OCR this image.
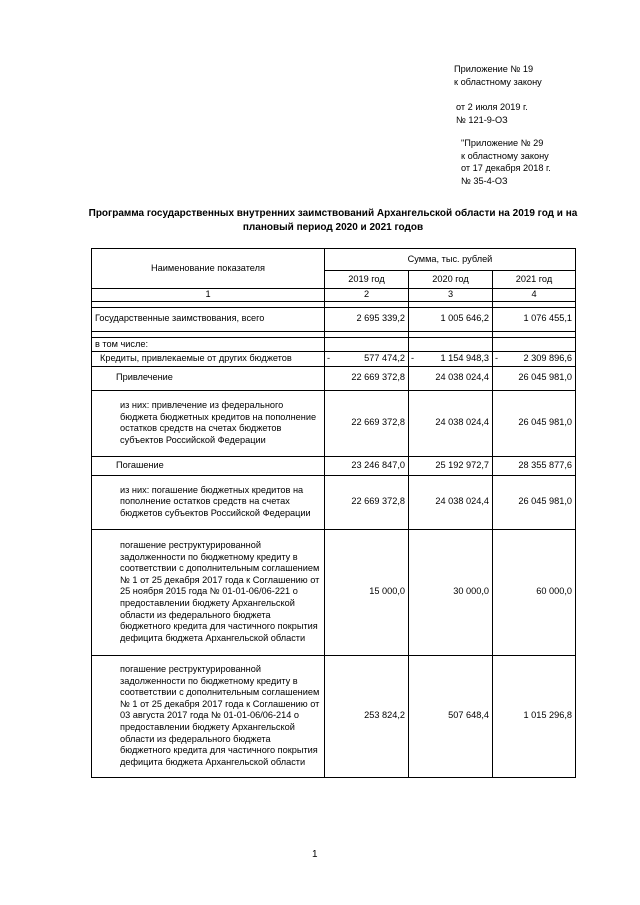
Приложение № 19
к областному закону
от 2 июля 2019 г.
№ 121-9-ОЗ
"Приложение № 29
к областному закону
от 17 декабря 2018 г.
№ 35-4-ОЗ
Программа государственных внутренних заимствований Архангельской области на 2019 год и на плановый период 2020 и 2021 годов
Наименование показателя	Сумма, тыс. рублей		
	2019 год	2020 год	2021 год
1	2	3	4

Государственные заимствования, всего	2 695 339,2	1 005 646,2	1 076 455,1

в том числе:			
Кредиты, привлекаемые от других бюджетов	- 577 474,2	- 1 154 948,3	- 2 309 896,6
Привлечение	22 669 372,8	24 038 024,4	26 045 981,0
из них: привлечение из федерального бюджета бюджетных кредитов на пополнение остатков средств на счетах бюджетов субъектов Российской Федерации	22 669 372,8	24 038 024,4	26 045 981,0
Погашение	23 246 847,0	25 192 972,7	28 355 877,6
из них: погашение бюджетных кредитов на пополнение остатков средств на счетах бюджетов субъектов Российской Федерации	22 669 372,8	24 038 024,4	26 045 981,0
погашение реструктурированной задолженности по бюджетному кредиту в соответствии с дополнительным соглашением № 1 от 25 декабря 2017 года к Соглашению от 25 ноября 2015 года № 01-01-06/06-221 о предоставлении бюджету Архангельской области из федерального бюджета бюджетного кредита для частичного покрытия дефицита бюджета Архангельской области	15 000,0	30 000,0	60 000,0
погашение реструктурированной задолженности по бюджетному кредиту в соответствии с дополнительным соглашением № 1 от 25 декабря 2017 года к Соглашению от 03 августа 2017 года № 01-01-06/06-214 о предоставлении бюджету Архангельской области из федерального бюджета бюджетного кредита для частичного покрытия дефицита бюджета Архангельской области	253 824,2	507 648,4	1 015 296,8
1
